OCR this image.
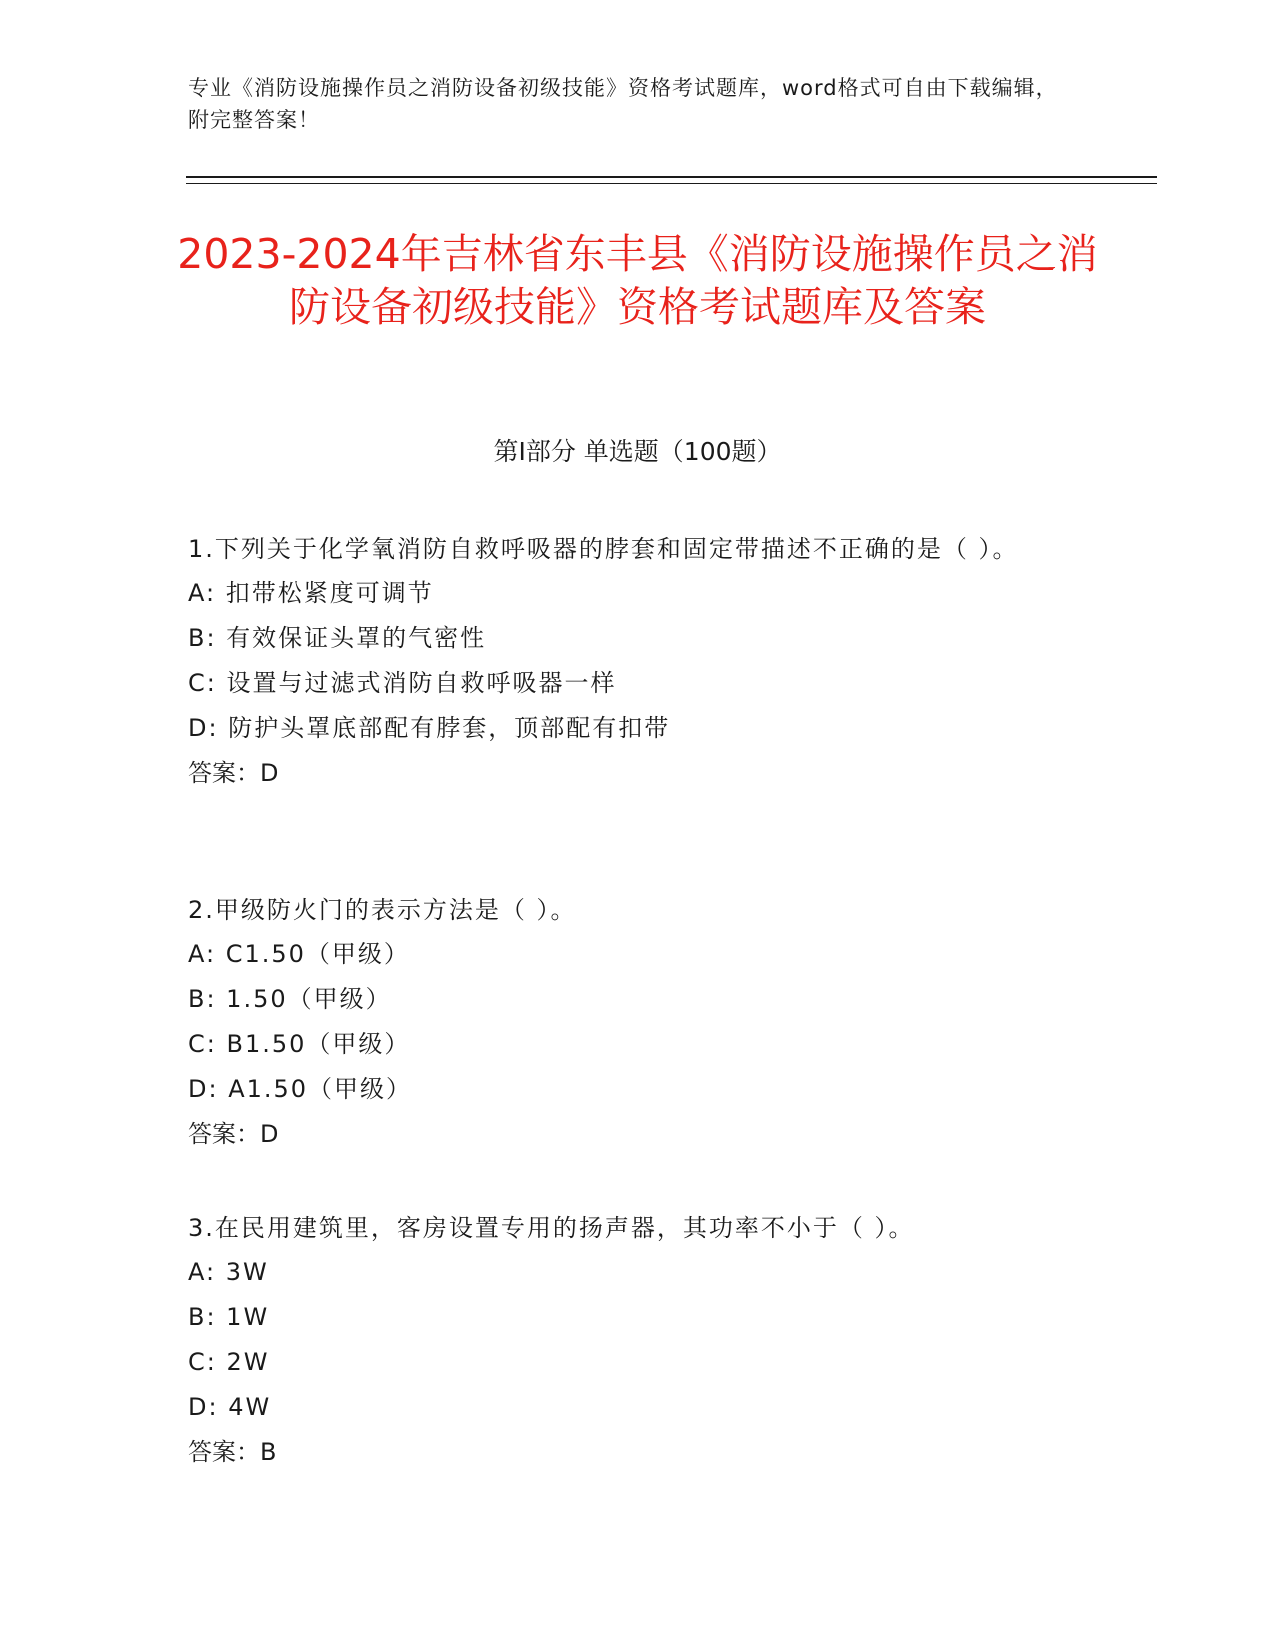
专业《消防设施操作员之消防设备初级技能》资格考试题库，word格式可自由下载编辑，附完整答案！
2023-2024年吉林省东丰县《消防设施操作员之消防设备初级技能》资格考试题库及答案
第I部分 单选题（100题）
1.下列关于化学氧消防自救呼吸器的脖套和固定带描述不正确的是（ ）。
A: 扣带松紧度可调节
B: 有效保证头罩的气密性
C: 设置与过滤式消防自救呼吸器一样
D: 防护头罩底部配有脖套，顶部配有扣带
答案：D
2.甲级防火门的表示方法是（ ）。
A: C1.50（甲级）
B: 1.50（甲级）
C: B1.50（甲级）
D: A1.50（甲级）
答案：D
3.在民用建筑里，客房设置专用的扬声器，其功率不小于（ ）。
A: 3W
B: 1W
C: 2W
D: 4W
答案：B
